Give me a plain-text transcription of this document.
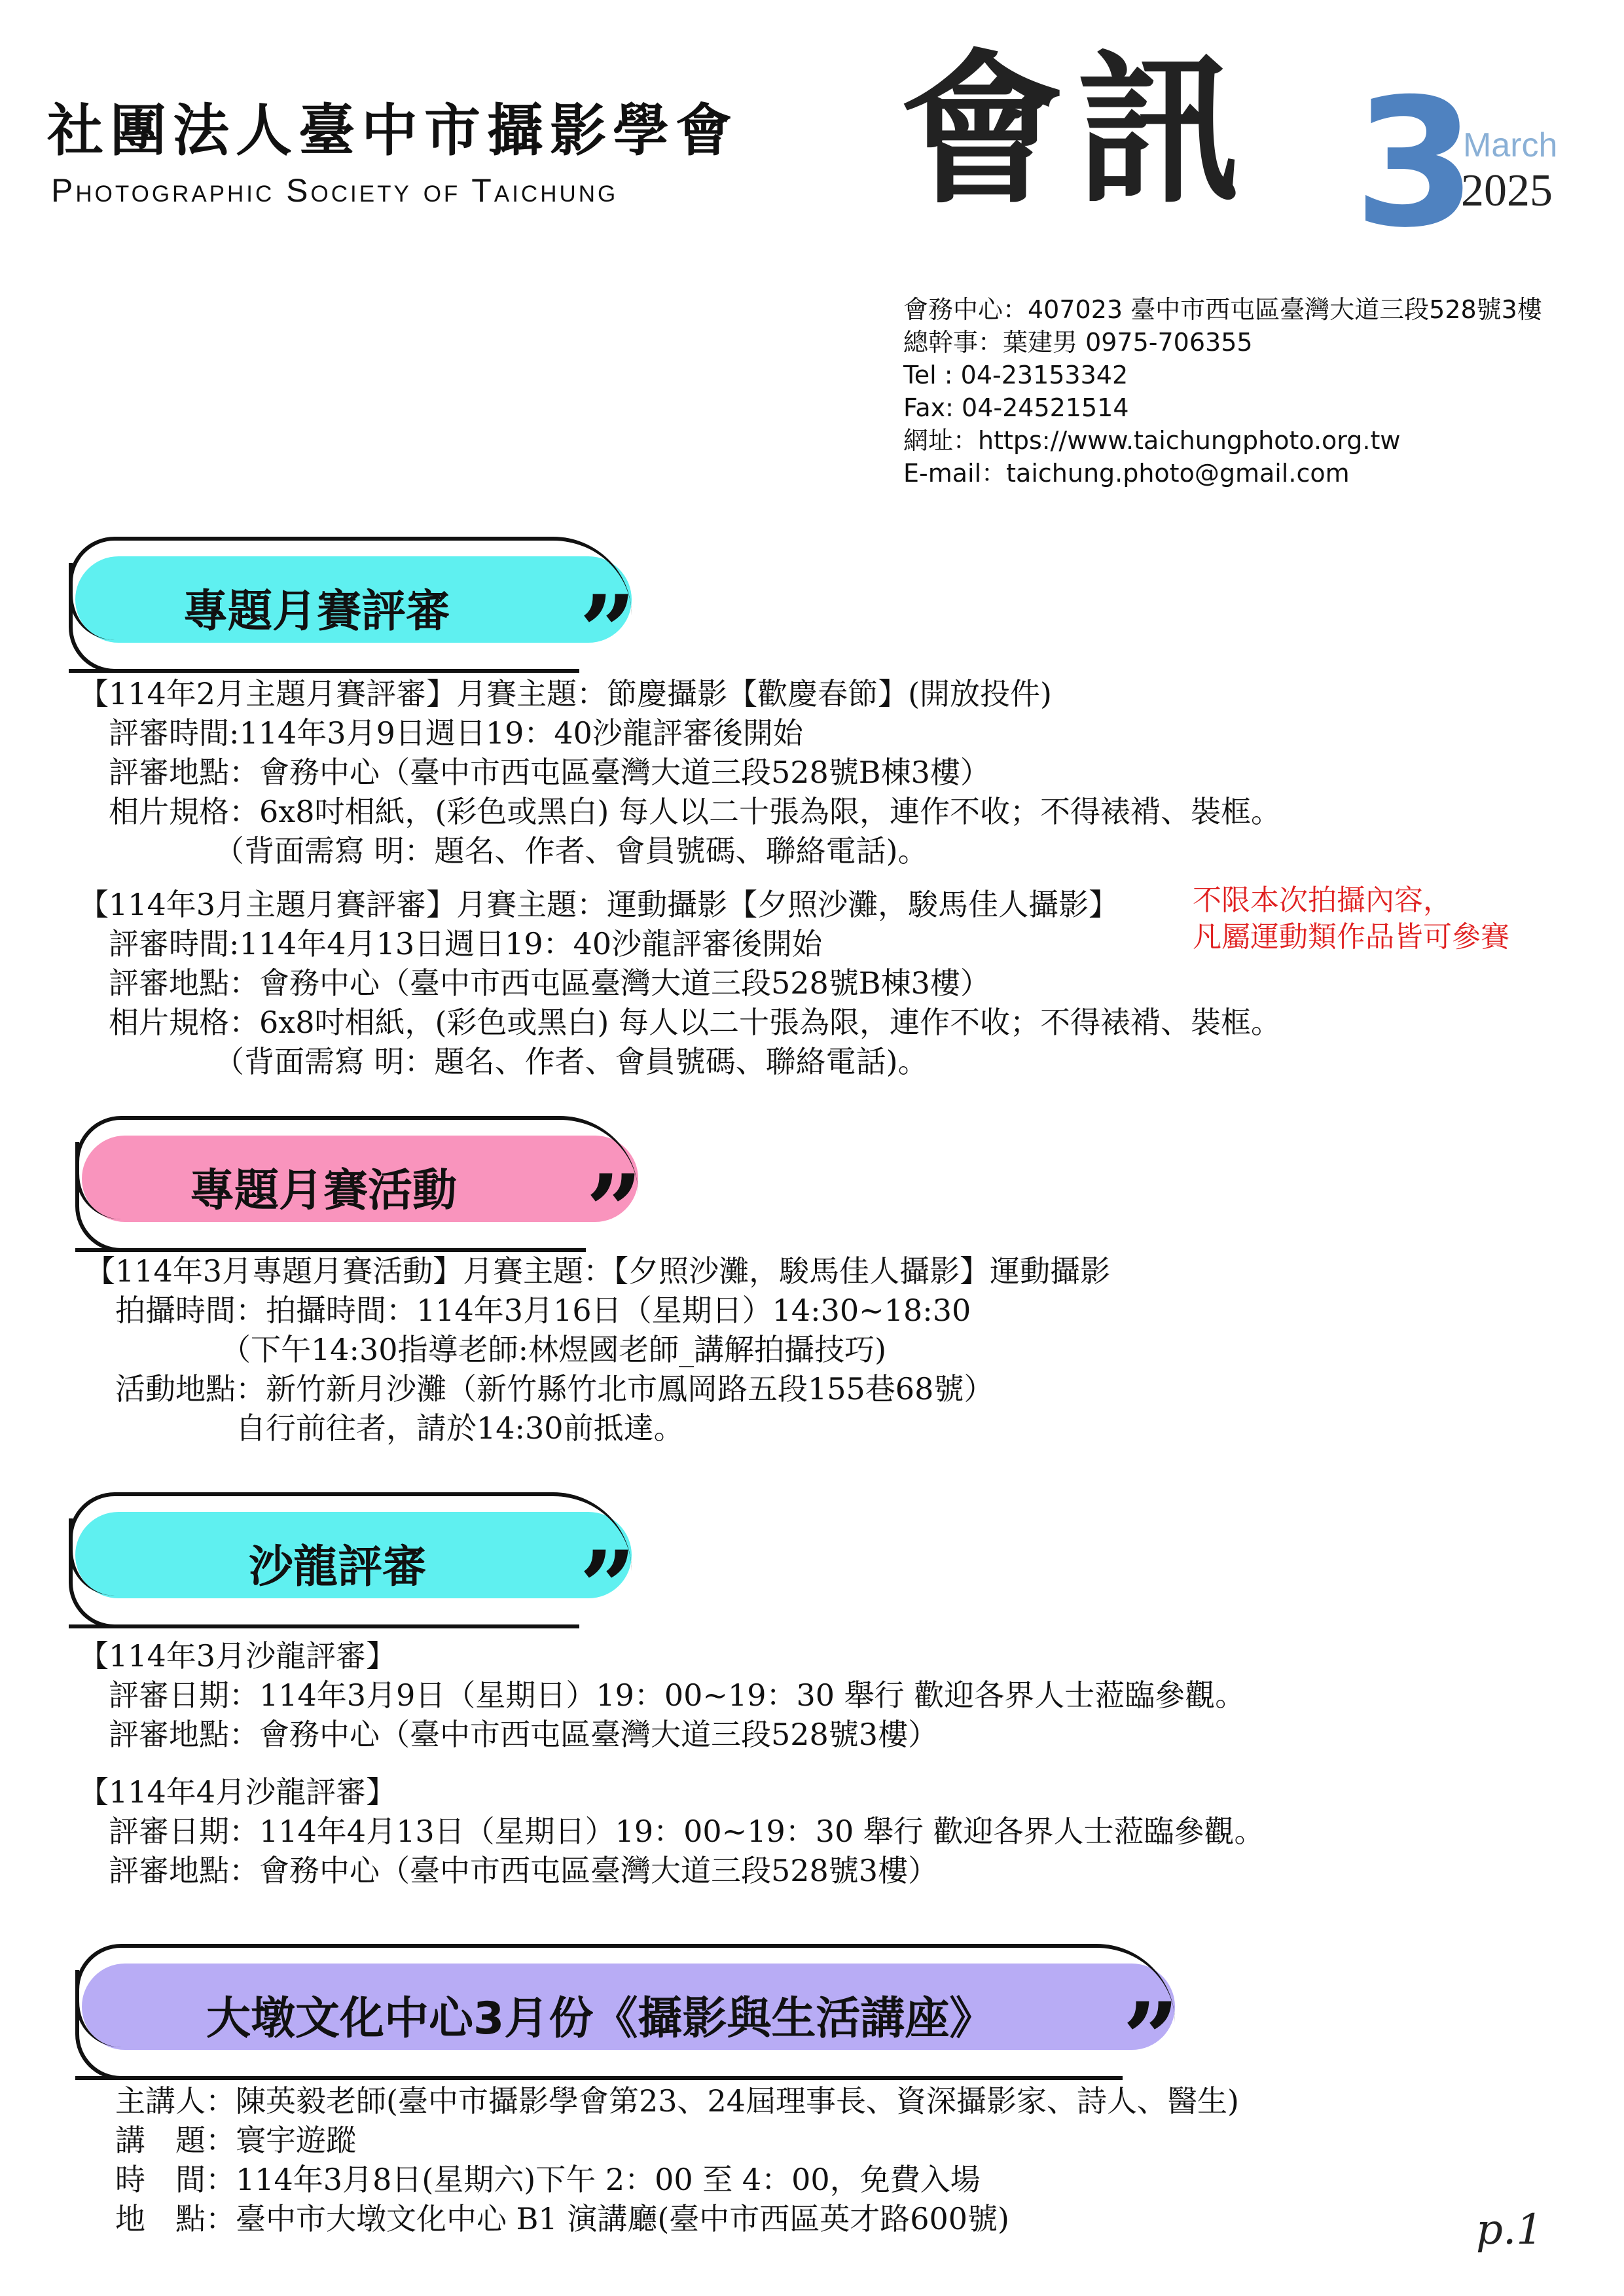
社團法人臺中市攝影學會
Photographic Society of Taichung 會訊 3
March
2025
會務中心：407023 臺中市西屯區臺灣大道三段528號3樓
總幹事：葉建男 0975-706355
Tel : 04-23153342
Fax: 04-24521514
網址：https://www.taichungphoto.org.tw
E-mail：taichung.photo@gmail.com
專題月賽評審 ”
【114年2月主題月賽評審】月賽主題：節慶攝影【歡慶春節】(開放投件)
　評審時間:114年3月9日週日19：40沙龍評審後開始
　評審地點：會務中心（臺中市西屯區臺灣大道三段528號B棟3樓）
　相片規格：6x8吋相紙，(彩色或黑白) 每人以二十張為限，連作不收；不得裱褙、裝框。
　　　　　（背面需寫 明：題名、作者、會員號碼、聯絡電話)。
【114年3月主題月賽評審】月賽主題：運動攝影【夕照沙灘，駿馬佳人攝影】
　評審時間:114年4月13日週日19：40沙龍評審後開始
　評審地點：會務中心（臺中市西屯區臺灣大道三段528號B棟3樓）
　相片規格：6x8吋相紙，(彩色或黑白) 每人以二十張為限，連作不收；不得裱褙、裝框。
　　　　　（背面需寫 明：題名、作者、會員號碼、聯絡電話)。
不限本次拍攝內容，
凡屬運動類作品皆可參賽
專題月賽活動 ”
【114年3月專題月賽活動】月賽主題：【夕照沙灘，駿馬佳人攝影】運動攝影
　拍攝時間：拍攝時間：114年3月16日（星期日）14:30~18:30
　　　　　（下午14:30指導老師:林煜國老師_講解拍攝技巧)
　活動地點：新竹新月沙灘（新竹縣竹北市鳳岡路五段155巷68號）
　　　　　自行前往者，請於14:30前抵達。
沙龍評審 ”
【114年3月沙龍評審】
　評審日期：114年3月9日（星期日）19：00~19：30 舉行 歡迎各界人士蒞臨參觀。
　評審地點：會務中心（臺中市西屯區臺灣大道三段528號3樓）
【114年4月沙龍評審】
　評審日期：114年4月13日（星期日）19：00~19：30 舉行 歡迎各界人士蒞臨參觀。
　評審地點：會務中心（臺中市西屯區臺灣大道三段528號3樓）
大墩文化中心3月份《攝影與生活講座》 ”
　主講人：陳英毅老師(臺中市攝影學會第23、24屆理事長、資深攝影家、詩人、醫生)
　講　題：寰宇遊蹤
　時　間：114年3月8日(星期六)下午 2：00 至 4：00，免費入場
　地　點：臺中市大墩文化中心 B1 演講廳(臺中市西區英才路600號)	p.1
